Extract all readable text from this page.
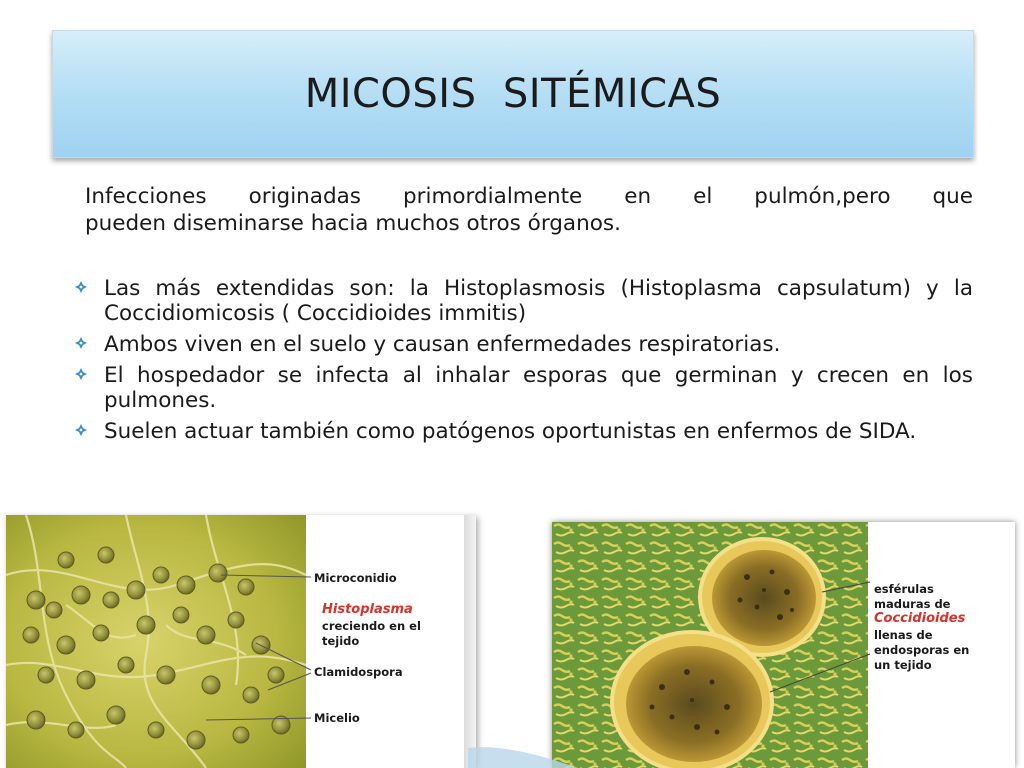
MICOSIS  SITÉMICAS
Infecciones originadas primordialmente en el pulmón,pero que
pueden diseminarse hacia muchos otros órganos.
Las más extendidas son: la Histoplasmosis (Histoplasma capsulatum) y la Coccidiomicosis ( Coccidioides immitis)
Ambos viven en el suelo y causan enfermedades respiratorias.
El hospedador se infecta al inhalar esporas que germinan y crecen en los pulmones.
Suelen actuar también como patógenos oportunistas en enfermos de SIDA.
Microconidio
Histoplasma
creciendo en el
tejido
Clamidospora
Micelio
esférulas
maduras de
Coccidioides
llenas de
endosporas en
un tejido
